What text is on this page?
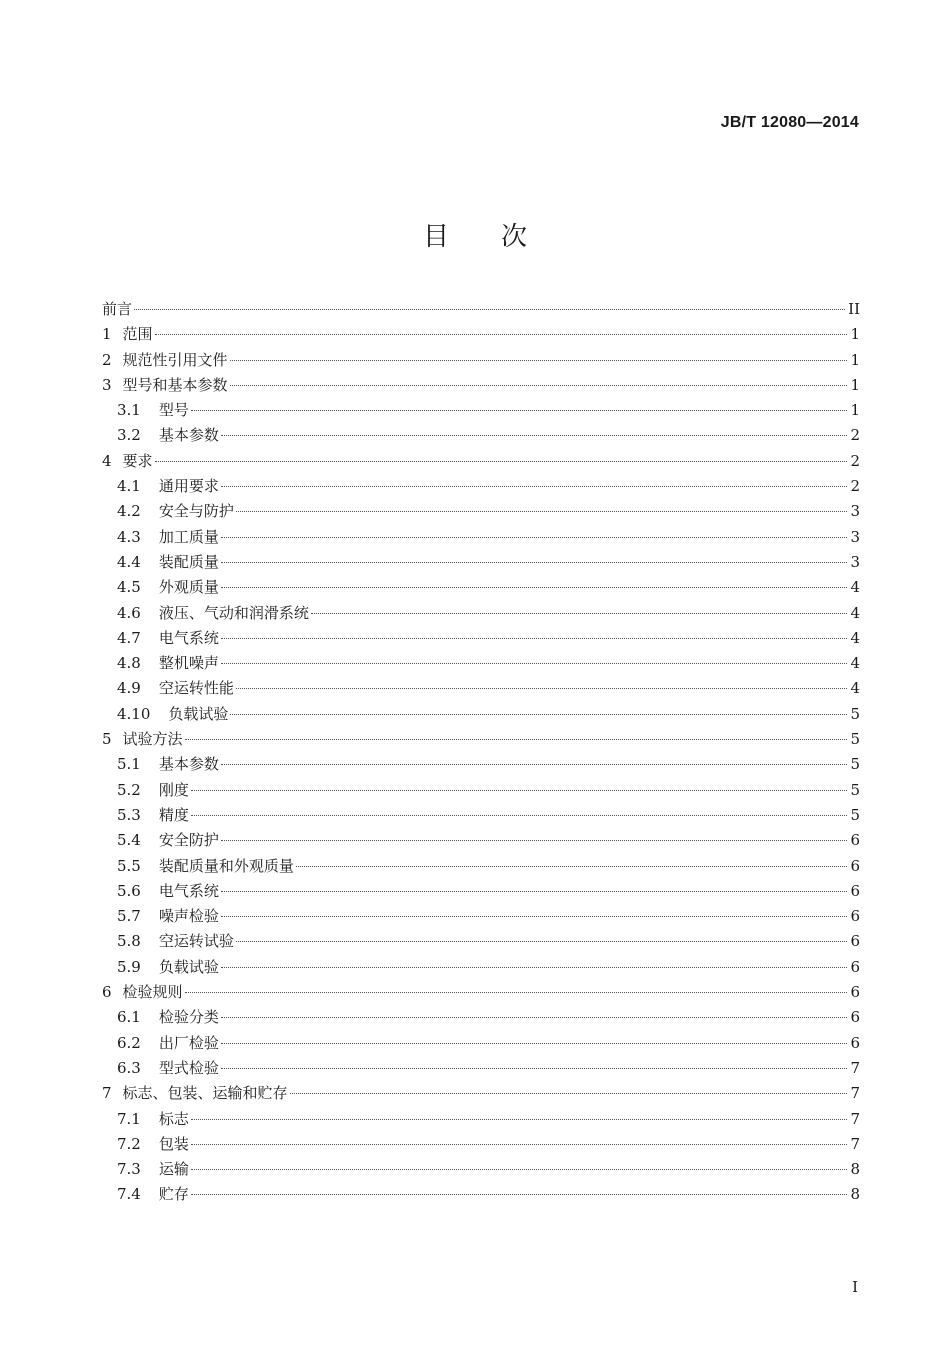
JB/T 12080—2014
目次
前言	II
1 范围	1
2 规范性引用文件	1
3 型号和基本参数	1
3.1 型号	1
3.2 基本参数	2
4 要求	2
4.1 通用要求	2
4.2 安全与防护	3
4.3 加工质量	3
4.4 装配质量	3
4.5 外观质量	4
4.6 液压、气动和润滑系统	4
4.7 电气系统	4
4.8 整机噪声	4
4.9 空运转性能	4
4.10 负载试验	5
5 试验方法	5
5.1 基本参数	5
5.2 刚度	5
5.3 精度	5
5.4 安全防护	6
5.5 装配质量和外观质量	6
5.6 电气系统	6
5.7 噪声检验	6
5.8 空运转试验	6
5.9 负载试验	6
6 检验规则	6
6.1 检验分类	6
6.2 出厂检验	6
6.3 型式检验	7
7 标志、包装、运输和贮存	7
7.1 标志	7
7.2 包装	7
7.3 运输	8
7.4 贮存	8
I
